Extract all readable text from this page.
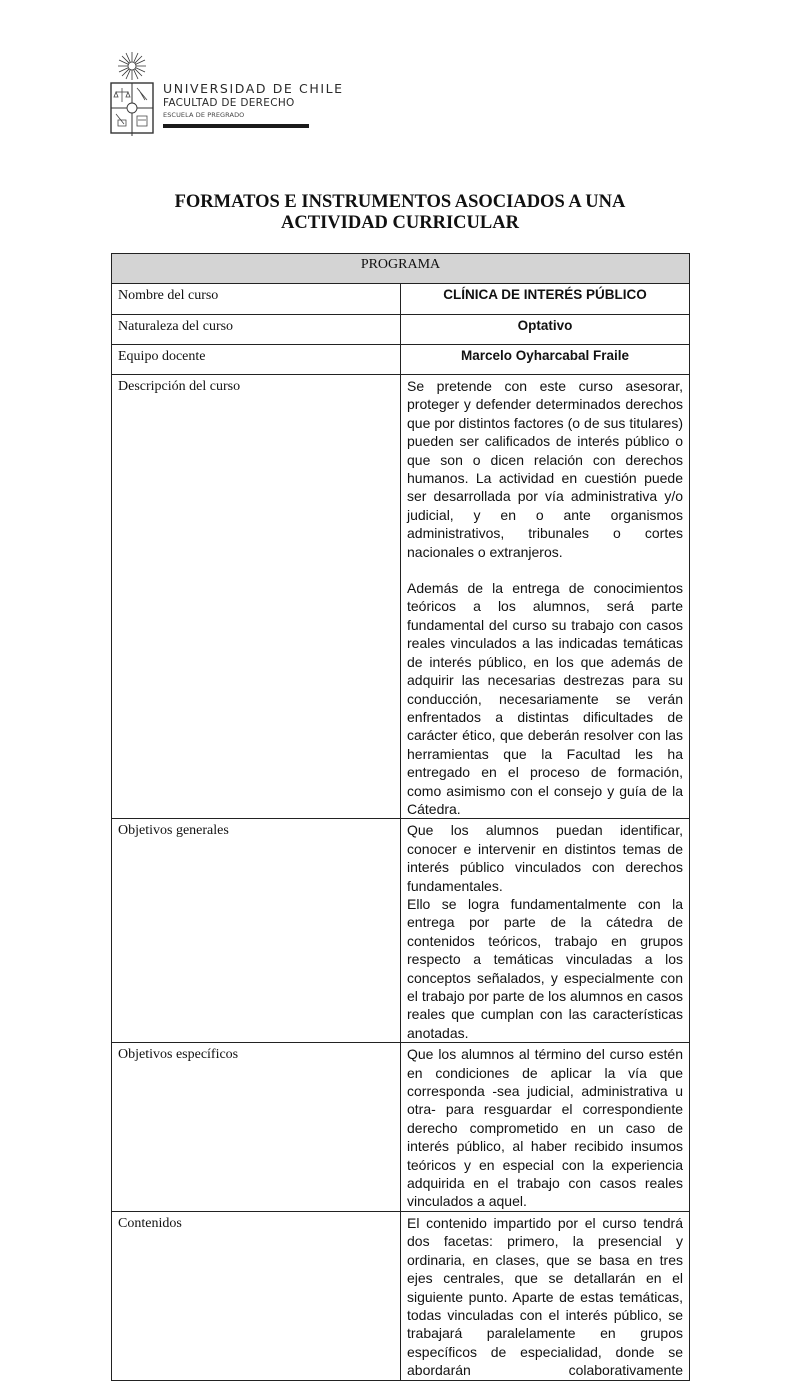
UNIVERSIDAD DE CHILE
FACULTAD DE DERECHO
ESCUELA DE PREGRADO
FORMATOS E INSTRUMENTOS ASOCIADOS A UNA
ACTIVIDAD CURRICULAR
PROGRAMA	
Nombre del curso	CLÍNICA DE INTERÉS PÚBLICO
Naturaleza del curso	Optativo
Equipo docente	Marcelo Oyharcabal Fraile
Descripción del curso	Se pretende con este curso asesorar, proteger y defender determinados derechos que por distintos factores (o de sus titulares) pueden ser calificados de interés público o que son o dicen relación con derechos humanos. La actividad en cuestión puede ser desarrollada por vía administrativa y/o judicial, y en o ante organismos administrativos, tribunales o cortes nacionales o extranjeros.

Además de la entrega de conocimientos teóricos a los alumnos, será parte fundamental del curso su trabajo con casos reales vinculados a las indicadas temáticas de interés público, en los que además de adquirir las necesarias destrezas para su conducción, necesariamente se verán enfrentados a distintas dificultades de carácter ético, que deberán resolver con las herramientas que la Facultad les ha entregado en el proceso de formación, como asimismo con el consejo y guía de la Cátedra.

Objetivos generales	Que los alumnos puedan identificar, conocer e intervenir en distintos temas de interés público vinculados con derechos fundamentales.

Ello se logra fundamentalmente con la entrega por parte de la cátedra de contenidos teóricos, trabajo en grupos respecto a temáticas vinculadas a los conceptos señalados, y especialmente con el trabajo por parte de los alumnos en casos reales que cumplan con las características anotadas.

Objetivos específicos	Que los alumnos al término del curso estén en condiciones de aplicar la vía que corresponda -sea judicial, administrativa u otra- para resguardar el correspondiente derecho comprometido en un caso de interés público, al haber recibido insumos teóricos y en especial con la experiencia adquirida en el trabajo con casos reales vinculados a aquel.

Contenidos	El contenido impartido por el curso tendrá dos facetas: primero, la presencial y ordinaria, en clases, que se basa en tres ejes centrales, que se detallarán en el siguiente punto. Aparte de estas temáticas, todas vinculadas con el interés público, se trabajará paralelamente en grupos específicos de especialidad, donde se abordarán colaborativamente
